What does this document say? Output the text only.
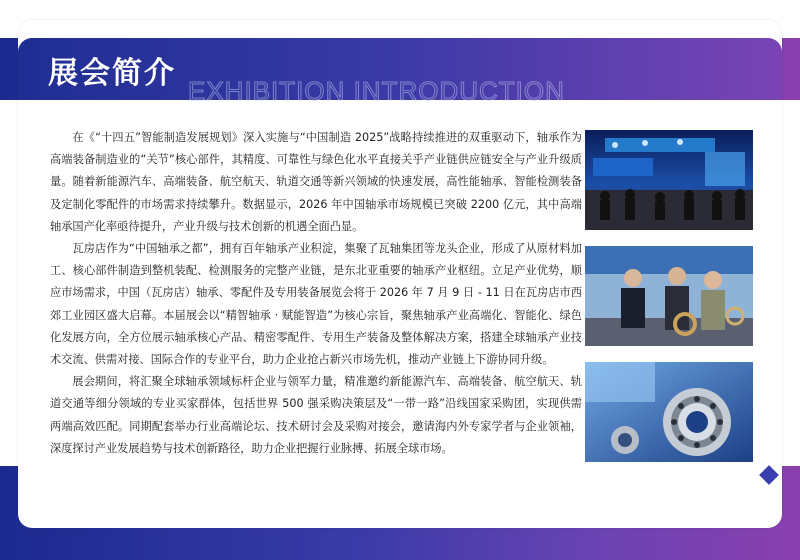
展会简介 EXHIBITION INTRODUCTION

在《“十四五”智能制造发展规划》深入实施与“中国制造 2025”战略持续推进的双重驱动下，轴承作为高端装备制造业的“关节”核心部件，其精度、可靠性与绿色化水平直接关乎产业链供应链安全与产业升级质量。随着新能源汽车、高端装备、航空航天、轨道交通等新兴领域的快速发展，高性能轴承、智能检测装备及定制化零配件的市场需求持续攀升。数据显示，2026 年中国轴承市场规模已突破 2200 亿元，其中高端轴承国产化率亟待提升，产业升级与技术创新的机遇全面凸显。

瓦房店作为“中国轴承之都”，拥有百年轴承产业积淀，集聚了瓦轴集团等龙头企业，形成了从原材料加工、核心部件制造到整机装配、检测服务的完整产业链，是东北亚重要的轴承产业枢纽。立足产业优势，顺应市场需求，中国（瓦房店）轴承、零配件及专用装备展览会将于 2026 年 7 月 9 日 - 11 日在瓦房店市西郊工业园区盛大启幕。本届展会以“精智轴承 · 赋能智造”为核心宗旨，聚焦轴承产业高端化、智能化、绿色化发展方向，全方位展示轴承核心产品、精密零配件、专用生产装备及整体解决方案，搭建全球轴承产业技术交流、供需对接、国际合作的专业平台，助力企业抢占新兴市场先机，推动产业链上下游协同升级。

展会期间，将汇聚全球轴承领域标杆企业与领军力量，精准邀约新能源汽车、高端装备、航空航天、轨道交通等细分领域的专业买家群体，包括世界 500 强采购决策层及“一带一路”沿线国家采购团，实现供需两端高效匹配。同期配套举办行业高端论坛、技术研讨会及采购对接会，邀请海内外专家学者与企业领袖，深度探讨产业发展趋势与技术创新路径，助力企业把握行业脉搏、拓展全球市场。
